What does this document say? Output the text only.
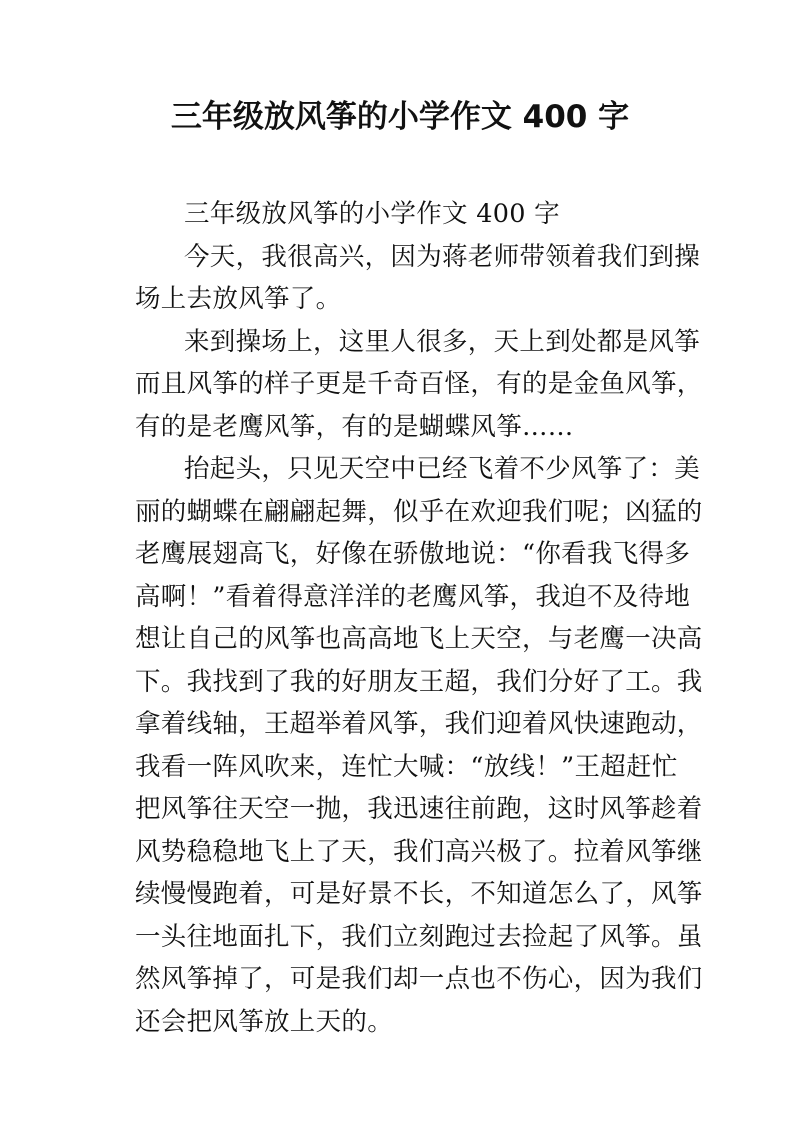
三年级放风筝的小学作文 400 字
三年级放风筝的小学作文 400 字
今天，我很高兴，因为蒋老师带领着我们到操
场上去放风筝了。
来到操场上，这里人很多，天上到处都是风筝
而且风筝的样子更是千奇百怪，有的是金鱼风筝，
有的是老鹰风筝，有的是蝴蝶风筝……
抬起头，只见天空中已经飞着不少风筝了：美
丽的蝴蝶在翩翩起舞，似乎在欢迎我们呢；凶猛的
老鹰展翅高飞，好像在骄傲地说：“你看我飞得多
高啊！”看着得意洋洋的老鹰风筝，我迫不及待地
想让自己的风筝也高高地飞上天空，与老鹰一决高
下。我找到了我的好朋友王超，我们分好了工。我
拿着线轴，王超举着风筝，我们迎着风快速跑动，
我看一阵风吹来，连忙大喊：“放线！”王超赶忙
把风筝往天空一抛，我迅速往前跑，这时风筝趁着
风势稳稳地飞上了天，我们高兴极了。拉着风筝继
续慢慢跑着，可是好景不长，不知道怎么了，风筝
一头往地面扎下，我们立刻跑过去捡起了风筝。虽
然风筝掉了，可是我们却一点也不伤心，因为我们
还会把风筝放上天的。
